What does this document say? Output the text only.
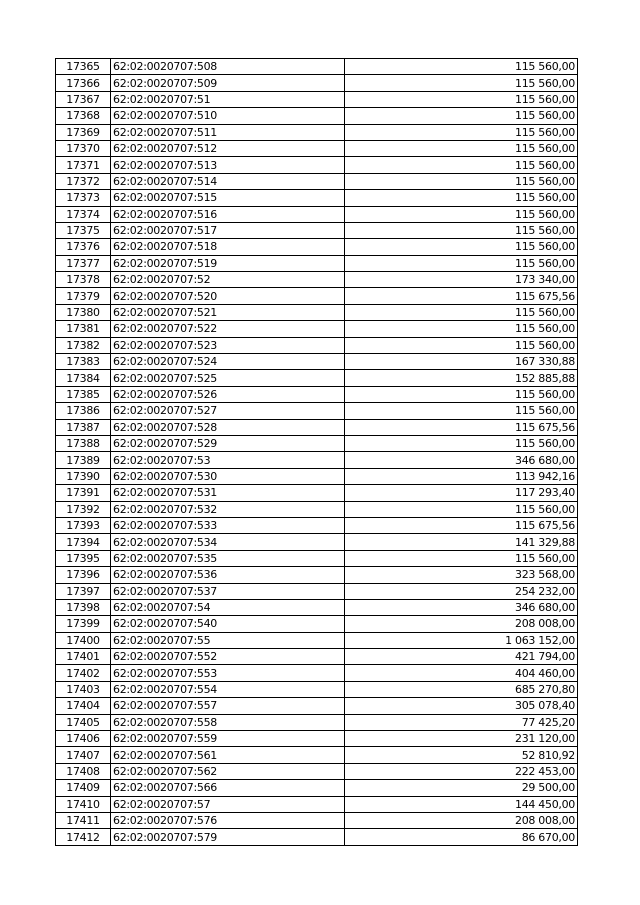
17365	62:02:0020707:508	115 560,00
17366	62:02:0020707:509	115 560,00
17367	62:02:0020707:51	115 560,00
17368	62:02:0020707:510	115 560,00
17369	62:02:0020707:511	115 560,00
17370	62:02:0020707:512	115 560,00
17371	62:02:0020707:513	115 560,00
17372	62:02:0020707:514	115 560,00
17373	62:02:0020707:515	115 560,00
17374	62:02:0020707:516	115 560,00
17375	62:02:0020707:517	115 560,00
17376	62:02:0020707:518	115 560,00
17377	62:02:0020707:519	115 560,00
17378	62:02:0020707:52	173 340,00
17379	62:02:0020707:520	115 675,56
17380	62:02:0020707:521	115 560,00
17381	62:02:0020707:522	115 560,00
17382	62:02:0020707:523	115 560,00
17383	62:02:0020707:524	167 330,88
17384	62:02:0020707:525	152 885,88
17385	62:02:0020707:526	115 560,00
17386	62:02:0020707:527	115 560,00
17387	62:02:0020707:528	115 675,56
17388	62:02:0020707:529	115 560,00
17389	62:02:0020707:53	346 680,00
17390	62:02:0020707:530	113 942,16
17391	62:02:0020707:531	117 293,40
17392	62:02:0020707:532	115 560,00
17393	62:02:0020707:533	115 675,56
17394	62:02:0020707:534	141 329,88
17395	62:02:0020707:535	115 560,00
17396	62:02:0020707:536	323 568,00
17397	62:02:0020707:537	254 232,00
17398	62:02:0020707:54	346 680,00
17399	62:02:0020707:540	208 008,00
17400	62:02:0020707:55	1 063 152,00
17401	62:02:0020707:552	421 794,00
17402	62:02:0020707:553	404 460,00
17403	62:02:0020707:554	685 270,80
17404	62:02:0020707:557	305 078,40
17405	62:02:0020707:558	77 425,20
17406	62:02:0020707:559	231 120,00
17407	62:02:0020707:561	52 810,92
17408	62:02:0020707:562	222 453,00
17409	62:02:0020707:566	29 500,00
17410	62:02:0020707:57	144 450,00
17411	62:02:0020707:576	208 008,00
17412	62:02:0020707:579	86 670,00
